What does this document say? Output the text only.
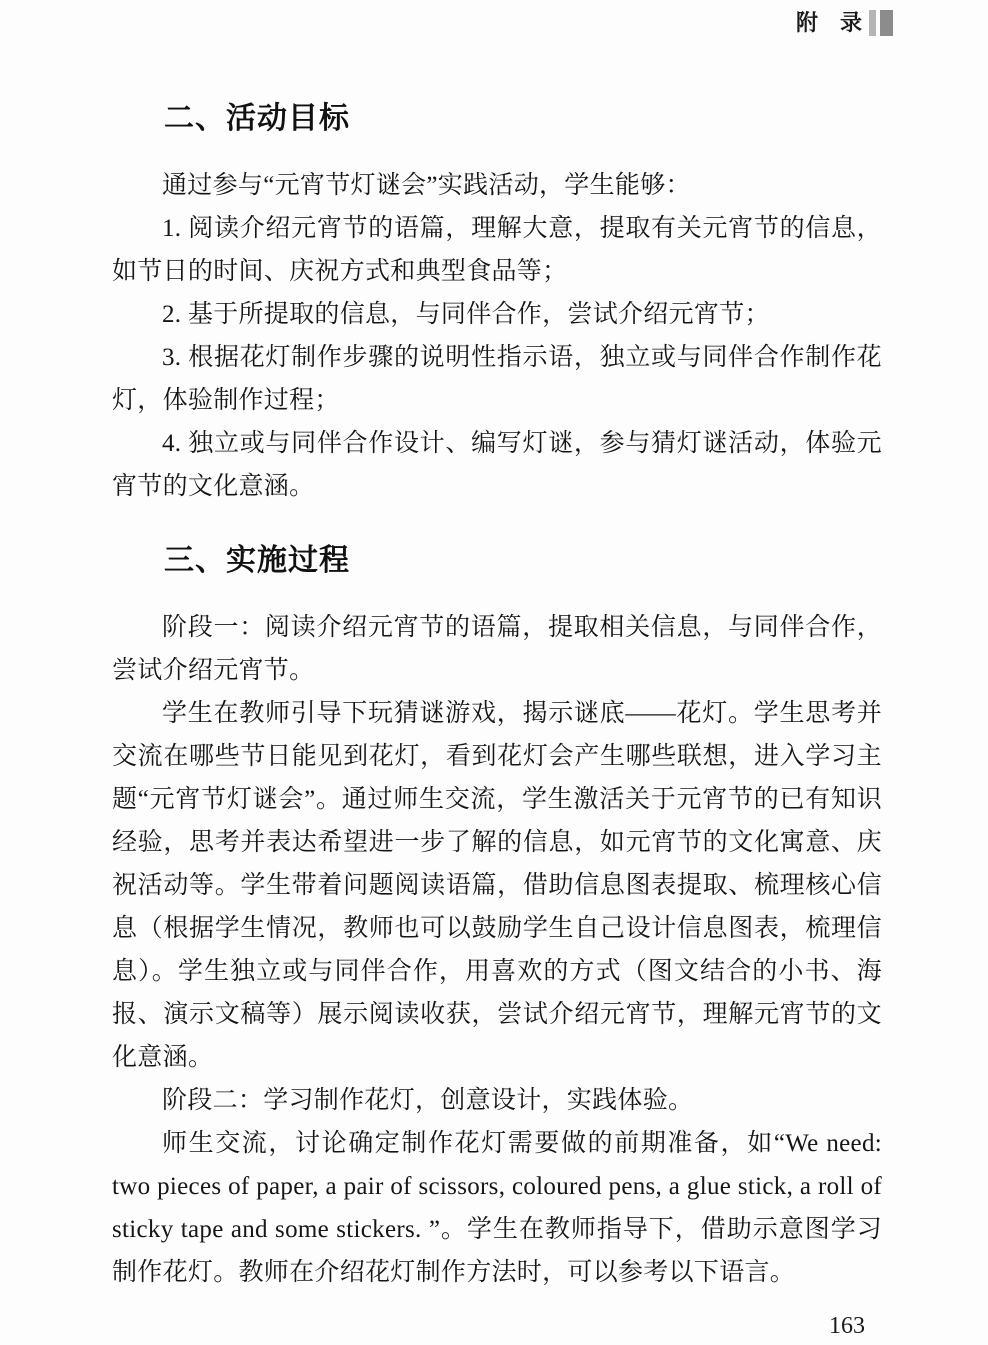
附　录
二、活动目标

通过参与“元宵节灯谜会”实践活动，学生能够：

1. 阅读介绍元宵节的语篇，理解大意，提取有关元宵节的信息，如节日的时间、庆祝方式和典型食品等；

2. 基于所提取的信息，与同伴合作，尝试介绍元宵节；

3. 根据花灯制作步骤的说明性指示语，独立或与同伴合作制作花灯，体验制作过程；

4. 独立或与同伴合作设计、编写灯谜，参与猜灯谜活动，体验元宵节的文化意涵。

三、实施过程

阶段一：阅读介绍元宵节的语篇，提取相关信息，与同伴合作，尝试介绍元宵节。

学生在教师引导下玩猜谜游戏，揭示谜底——花灯。学生思考并交流在哪些节日能见到花灯，看到花灯会产生哪些联想，进入学习主题“元宵节灯谜会”。通过师生交流，学生激活关于元宵节的已有知识经验，思考并表达希望进一步了解的信息，如元宵节的文化寓意、庆祝活动等。学生带着问题阅读语篇，借助信息图表提取、梳理核心信息（根据学生情况，教师也可以鼓励学生自己设计信息图表，梳理信息）。学生独立或与同伴合作，用喜欢的方式（图文结合的小书、海报、演示文稿等）展示阅读收获，尝试介绍元宵节，理解元宵节的文化意涵。

阶段二：学习制作花灯，创意设计，实践体验。

师生交流，讨论确定制作花灯需要做的前期准备，如“We need: two pieces of paper, a pair of scissors, coloured pens, a glue stick, a roll of sticky tape and some stickers. ”。学生在教师指导下，借助示意图学习制作花灯。教师在介绍花灯制作方法时，可以参考以下语言。

163
